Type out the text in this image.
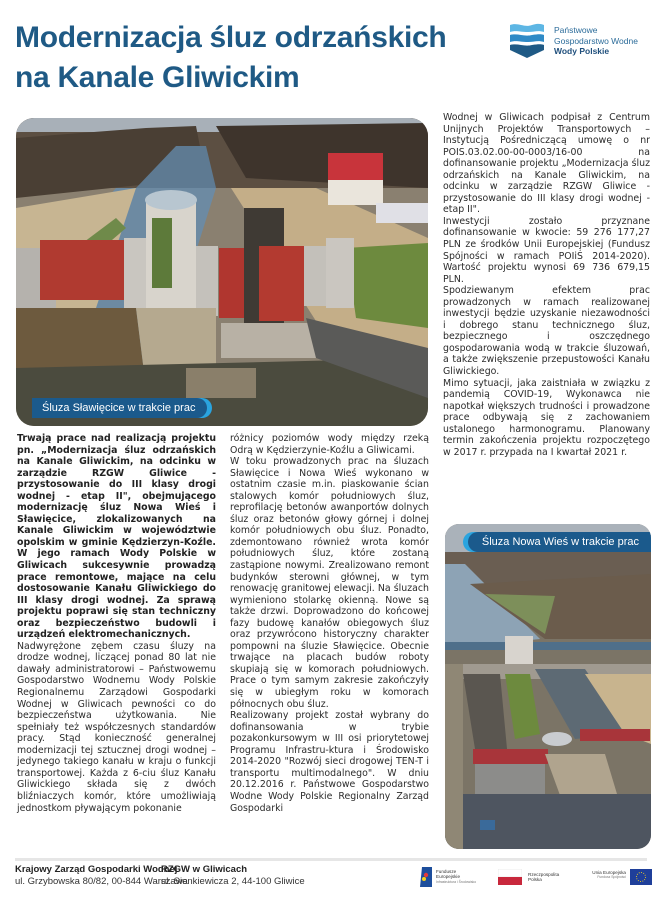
Modernizacja śluz odrzańskich
na Kanale Gliwickim
Państwowe
Gospodarstwo Wodne
Wody Polskie
Śluza Sławięcice w trakcie prac

Trwają prace nad realizacją projektu pn. „Modernizacja śluz odrzańskich na Kanale Gliwickim, na odcinku w zarządzie RZGW Gliwice - przystosowanie do III klasy drogi wodnej - etap II", obejmującego modernizację śluz Nowa Wieś i Sławięcice, zlokalizowanych na Kanale Gliwickim w województwie opolskim w gminie Kędzierzyn-Koźle. W jego ramach Wody Polskie w Gliwicach sukcesywnie prowadzą prace remontowe, mające na celu dostosowanie Kanału Gliwickiego do III klasy drogi wodnej. Za sprawą projektu poprawi się stan techniczny oraz bezpieczeństwo budowli i urządzeń elektromechanicznych.

Nadwyrężone zębem czasu śluzy na drodze wodnej, liczącej ponad 80 lat nie dawały administratorowi – Państwowemu Gospodarstwo Wodnemu Wody Polskie Regionalnemu Zarządowi Gospodarki Wodnej w Gliwicach pewności co do bezpieczeństwa użytkowania. Nie spełniały też współczesnych standardów pracy. Stąd konieczność generalnej modernizacji tej sztucznej drogi wodnej – jedynego takiego kanału w kraju o funkcji transportowej. Każda z 6-ciu śluz Kanału Gliwickiego składa się z dwóch bliźniaczych komór, które umożliwiają jednostkom pływającym pokonanie

różnicy poziomów wody między rzeką Odrą w Kędzierzynie-Koźlu a Gliwicami.

W toku prowadzonych prac na śluzach Sławięcice i Nowa Wieś wykonano w ostatnim czasie m.in. piaskowanie ścian stalowych komór południowych śluz, reprofilację betonów awanportów dolnych śluz oraz betonów głowy górnej i dolnej komór południowych obu śluz. Ponadto, zdemontowano również wrota komór południowych śluz, które zostaną zastąpione nowymi. Zrealizowano remont budynków sterowni głównej, w tym renowację granitowej elewacji. Na śluzach wymieniono stolarkę okienną. Nowe są także drzwi. Doprowadzono do końcowej fazy budowę kanałów obiegowych śluz oraz przywrócono historyczny charakter pompowni na śluzie Sławięcice. Obecnie trwające na placach budów roboty skupiają się w komorach południowych. Prace o tym samym zakresie zakończyły się w ubiegłym roku w komorach północnych obu śluz.

Realizowany projekt został wybrany do dofinansowania w trybie pozakonkursowym w III osi priorytetowej Programu Infrastru-ktura i Środowisko 2014-2020 "Rozwój sieci drogowej TEN-T i transportu multimodalnego". W dniu 20.12.2016 r. Państwowe Gospodarstwo Wodne Wody Polskie Regionalny Zarząd Gospodarki

Wodnej w Gliwicach podpisał z Centrum Unijnych Projektów Transportowych – Instytucją Pośredniczącą umowę o nr POIS.03.02.00-00-0003/16-00 na dofinansowanie projektu „Modernizacja śluz odrzańskich na Kanale Gliwickim, na odcinku w zarządzie RZGW Gliwice - przystosowanie do III klasy drogi wodnej - etap II".

Inwestycji zostało przyznane dofinansowanie w kwocie: 59 276 177,27 PLN ze środków Unii Europejskiej (Fundusz Spójności w ramach POIiŚ 2014-2020). Wartość projektu wynosi 69 736 679,15 PLN.

Spodziewanym efektem prac prowadzonych w ramach realizowanej inwestycji będzie uzyskanie niezawodności i dobrego stanu technicznego śluz, bezpiecznego i oszczędnego gospodarowania wodą w trakcie śluzowań, a także zwiększenie przepustowości Kanału Gliwickiego.

Mimo sytuacji, jaka zaistniała w związku z pandemią COVID-19, Wykonawca nie napotkał większych trudności i prowadzone prace odbywają się z zachowaniem ustalonego harmonogramu. Planowany termin zakończenia projektu rozpoczętego w 2017 r. przypada na I kwartał 2021 r.

Śluza Nowa Wieś w trakcie prac
Krajowy Zarząd Gospodarki Wodnej
ul. Grzybowska 80/82, 00-844 Warszawa
RZGW w Gliwicach
ul. Sienkiewicza 2, 44-100 Gliwice
Fundusze
Europejskie
Infrastruktura i Środowisko
Rzeczpospolita
Polska
Unia Europejska
Fundusz Spójności
